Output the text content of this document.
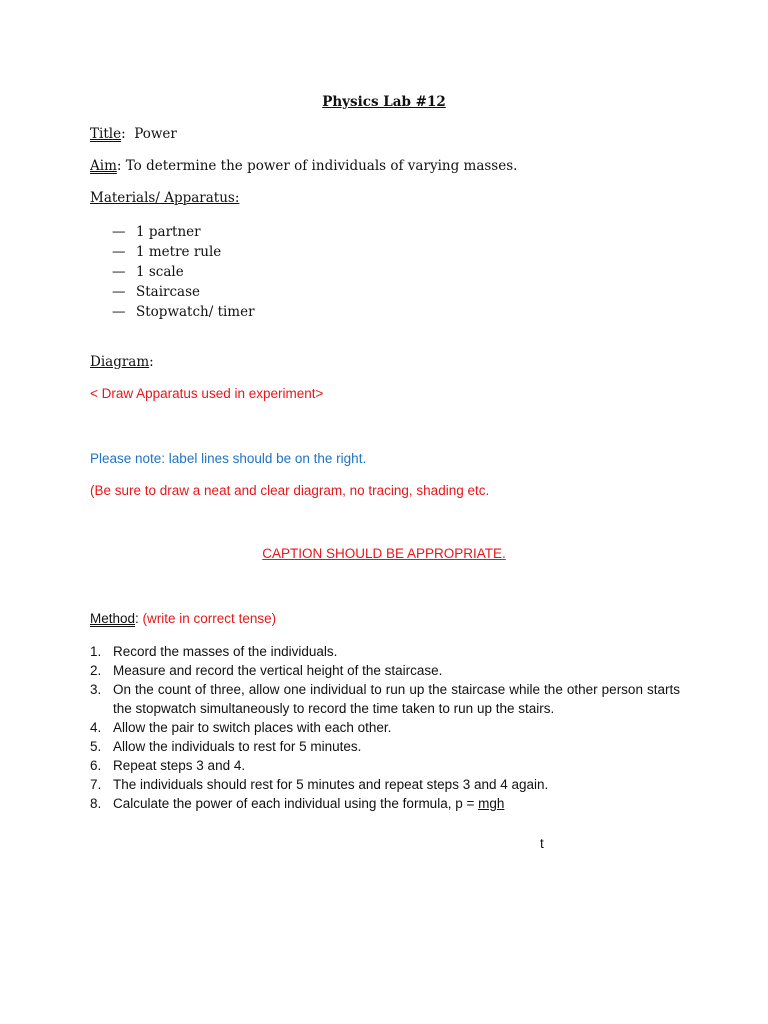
Physics Lab #12
Title:  Power
Aim: To determine the power of individuals of varying masses.
Materials/ Apparatus:
— 1 partner
— 1 metre rule
— 1 scale
— Staircase
— Stopwatch/ timer
Diagram:
< Draw Apparatus used in experiment>
Please note: label lines should be on the right.
(Be sure to draw a neat and clear diagram, no tracing, shading etc.
CAPTION SHOULD BE APPROPRIATE.
Method: (write in correct tense)
1. Record the masses of the individuals.
2. Measure and record the vertical height of the staircase.
3. On the count of three, allow one individual to run up the staircase while the other person starts the stopwatch simultaneously to record the time taken to run up the stairs.
4. Allow the pair to switch places with each other.
5. Allow the individuals to rest for 5 minutes.
6. Repeat steps 3 and 4.
7. The individuals should rest for 5 minutes and repeat steps 3 and 4 again.
8. Calculate the power of each individual using the formula, p = mgh
t
